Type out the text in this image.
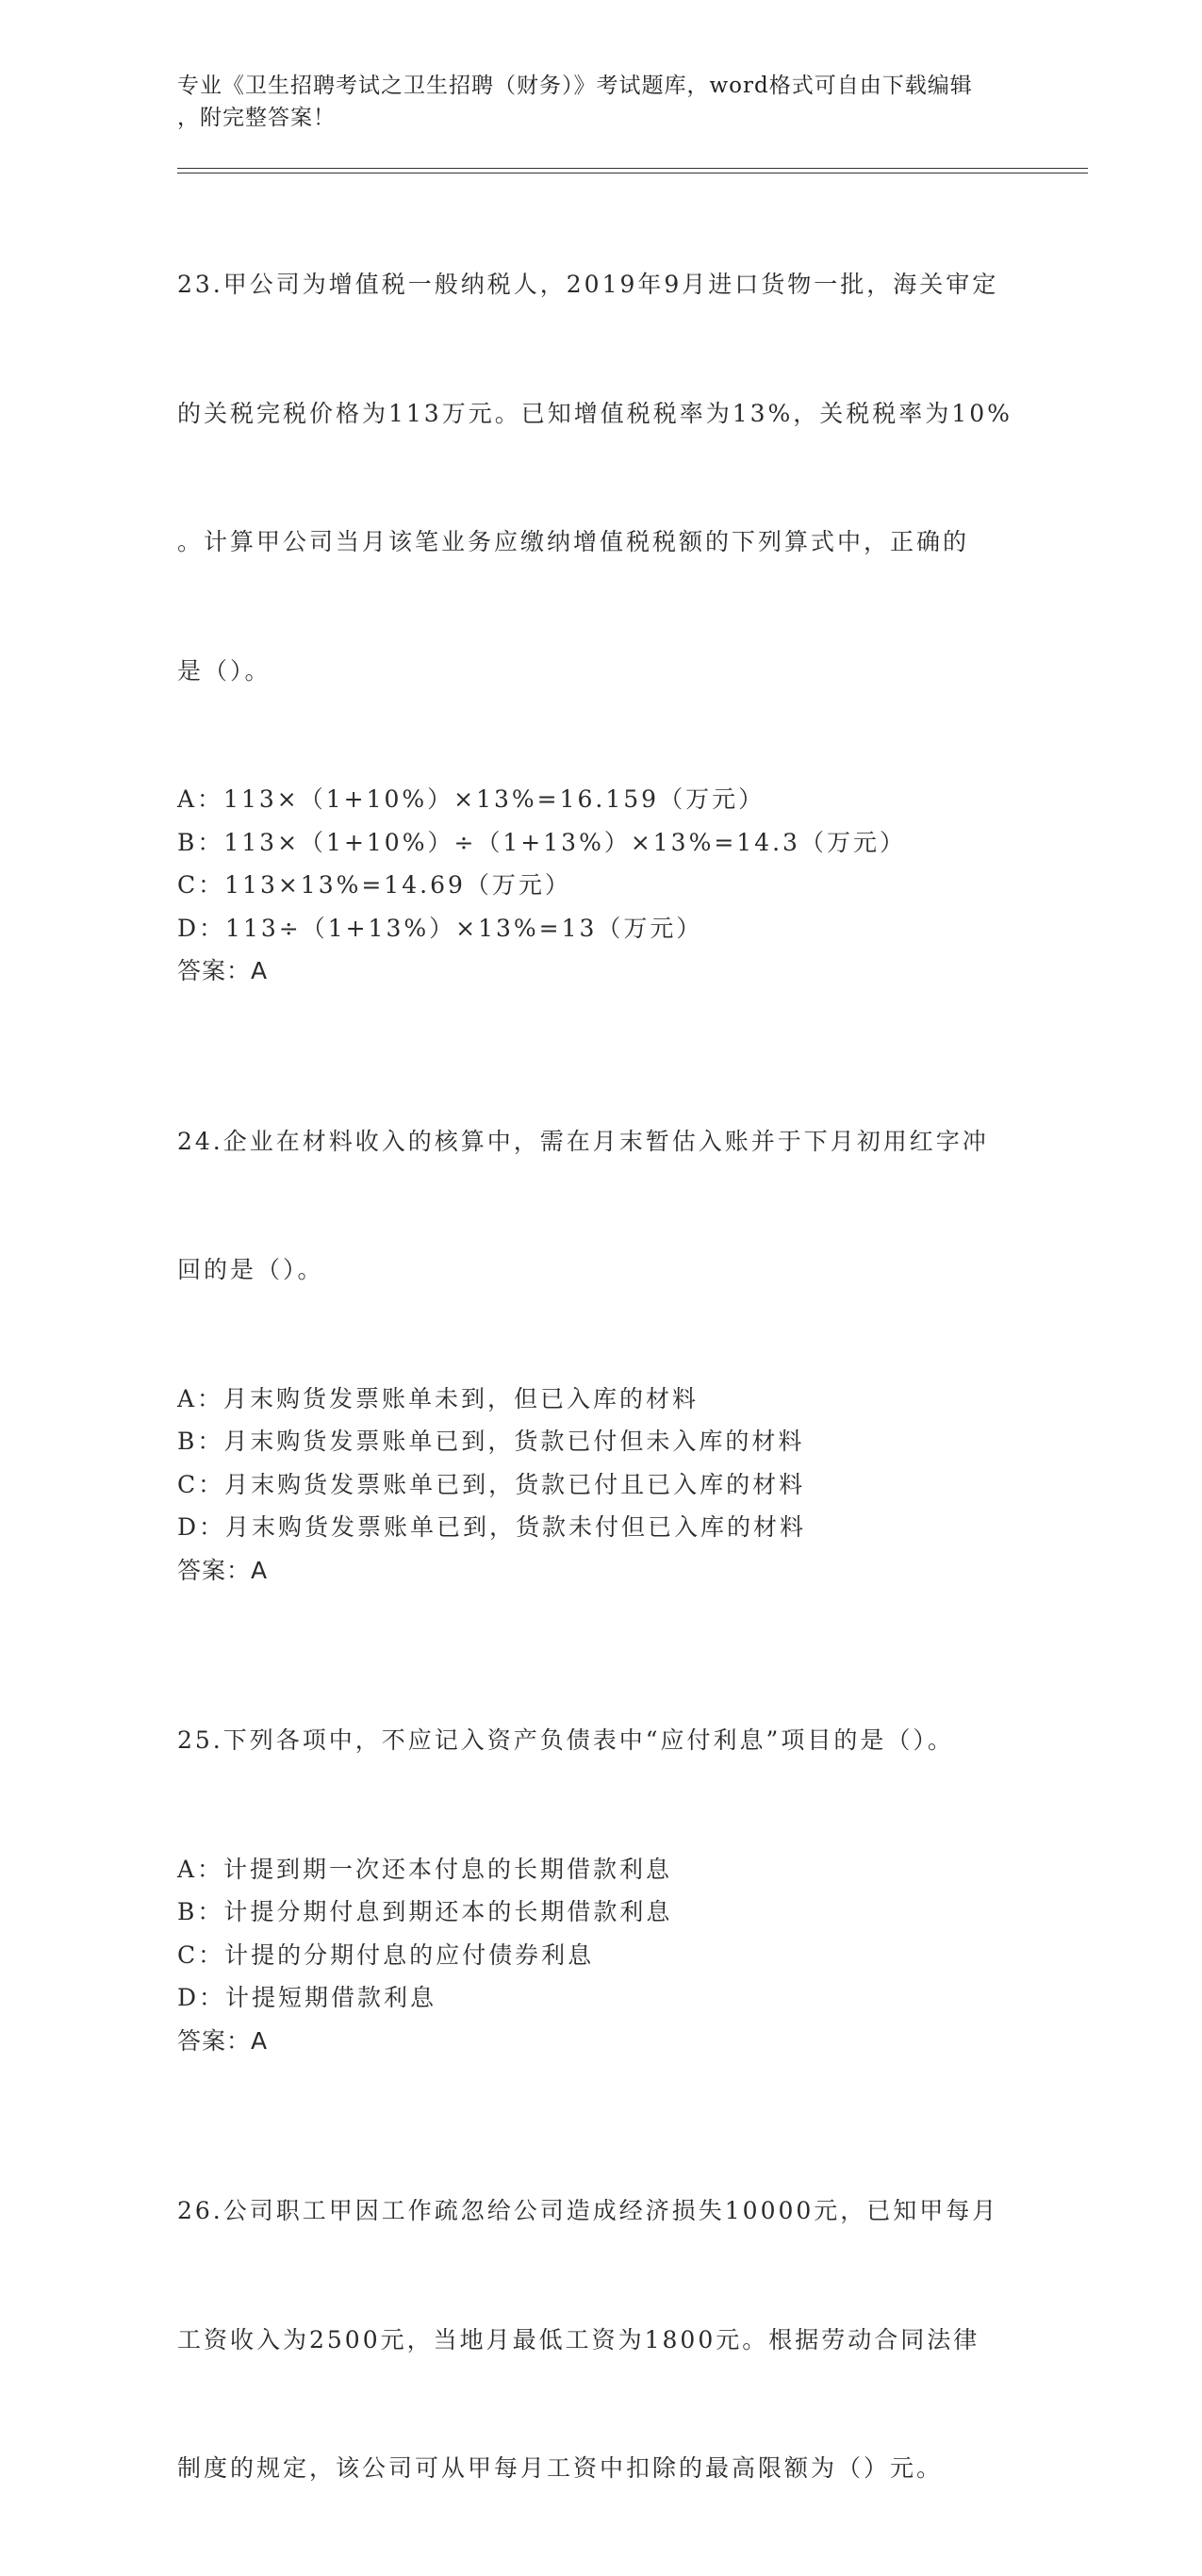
专业《卫生招聘考试之卫生招聘（财务）》考试题库，word格式可自由下载编辑
，附完整答案！

23.甲公司为增值税一般纳税人，2019年9月进口货物一批，海关审定

的关税完税价格为113万元。已知增值税税率为13%，关税税率为10%

。计算甲公司当月该笔业务应缴纳增值税税额的下列算式中，正确的

是（）。

A：113×（1+10%）×13%=16.159（万元）
B：113×（1+10%）÷（1+13%）×13%=14.3（万元）
C：113×13%=14.69（万元）
D：113÷（1+13%）×13%=13（万元）
答案：A

24.企业在材料收入的核算中，需在月末暂估入账并于下月初用红字冲

回的是（）。

A：月末购货发票账单未到，但已入库的材料
B：月末购货发票账单已到，货款已付但未入库的材料
C：月末购货发票账单已到，货款已付且已入库的材料
D：月末购货发票账单已到，货款未付但已入库的材料
答案：A

25.下列各项中，不应记入资产负债表中“应付利息”项目的是（）。

A：计提到期一次还本付息的长期借款利息
B：计提分期付息到期还本的长期借款利息
C：计提的分期付息的应付债券利息
D：计提短期借款利息
答案：A

26.公司职工甲因工作疏忽给公司造成经济损失10000元，已知甲每月

工资收入为2500元，当地月最低工资为1800元。根据劳动合同法律

制度的规定，该公司可从甲每月工资中扣除的最高限额为（）元。
